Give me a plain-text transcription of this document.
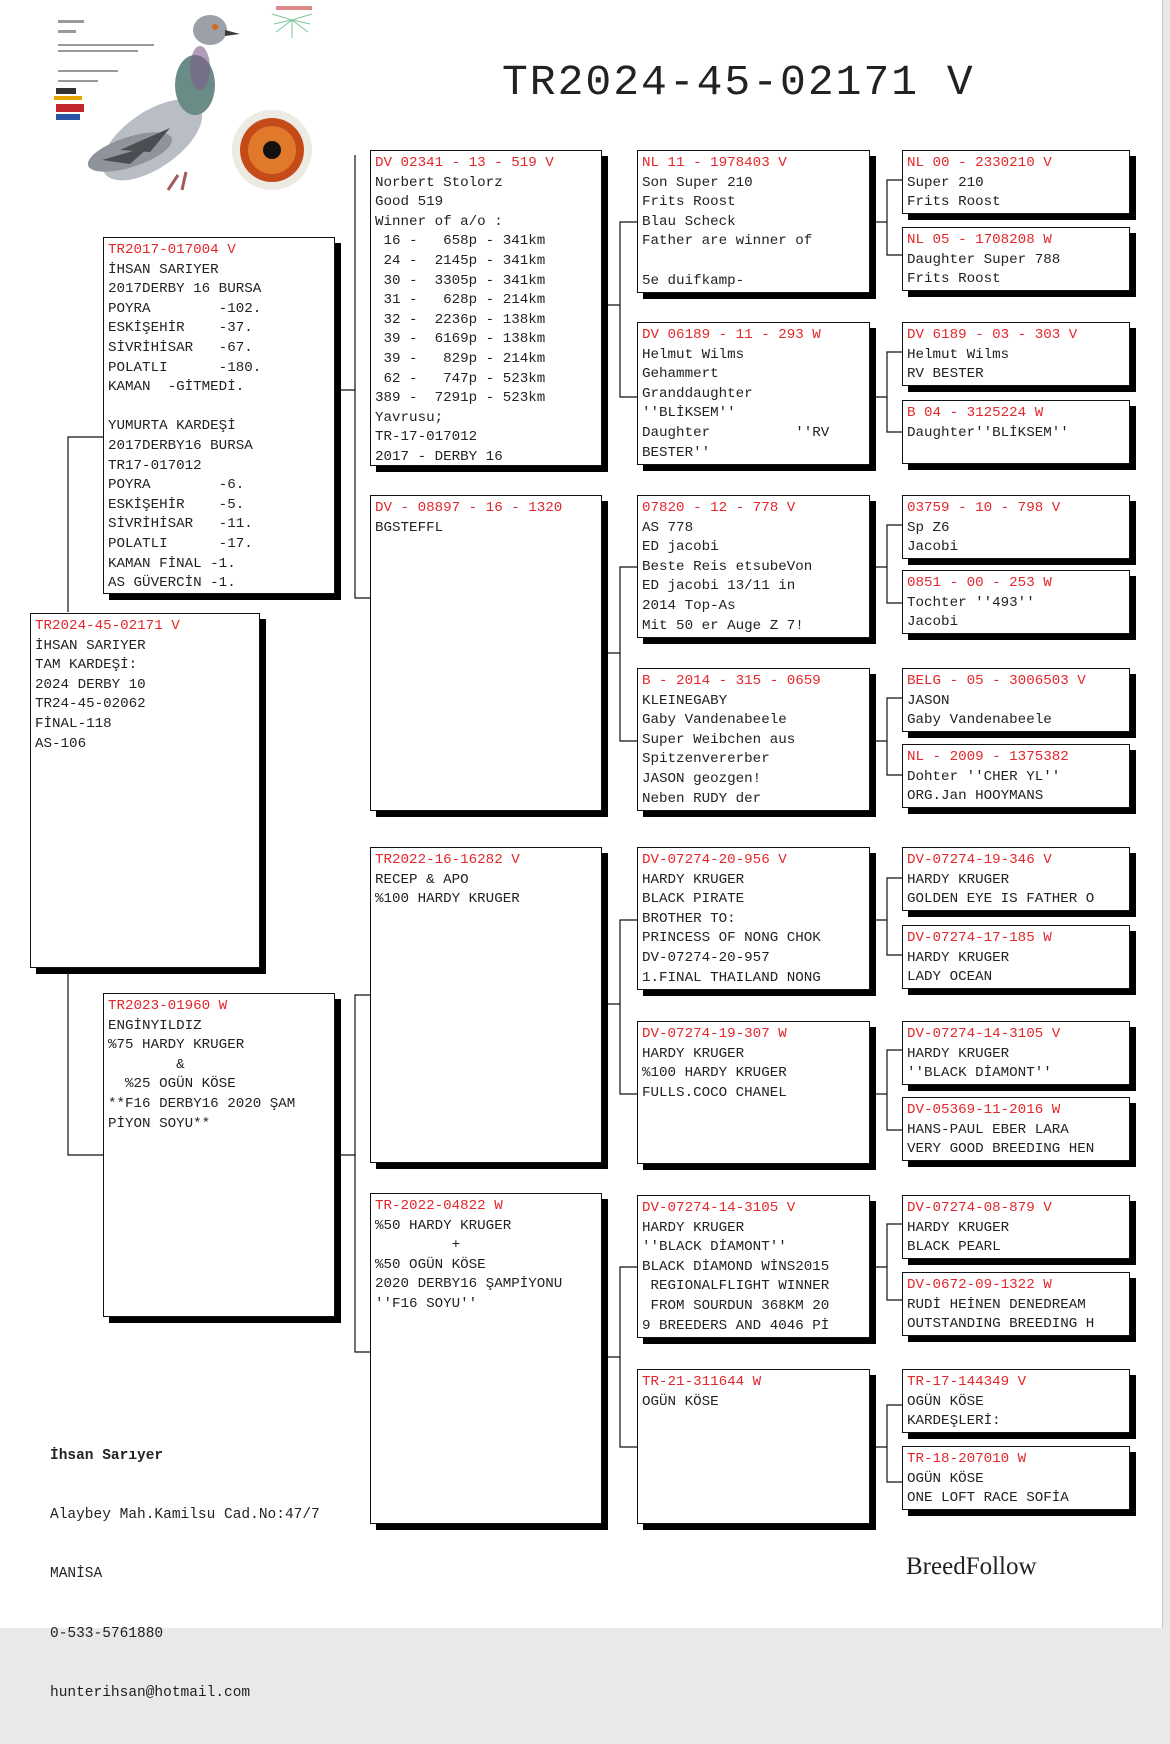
TR2024-45-02171 V
TR2024-45-02171 V
İHSAN SARIYER
TAM KARDEŞİ:
2024 DERBY 10
TR24-45-02062
FİNAL-118
AS-106
TR2017-017004 V
İHSAN SARIYER
2017DERBY 16 BURSA
POYRA        -102.
ESKİŞEHİR    -37.
SİVRİHİSAR   -67.
POLATLI      -180.
KAMAN  -GİTMEDİ.

YUMURTA KARDEŞİ
2017DERBY16 BURSA
TR17-017012
POYRA        -6.
ESKİŞEHİR    -5.
SİVRİHİSAR   -11.
POLATLI      -17.
KAMAN FİNAL -1.
AS GÜVERCİN -1.
TR2023-01960 W
ENGİNYILDIZ
%75 HARDY KRUGER
&
%25 OGÜN KÖSE
**F16 DERBY16 2020 ŞAM
PİYON SOYU**
DV 02341 - 13 - 519 V
Norbert Stolorz
Good 519
Winner of a/o :
16 -   658p - 341km
24 -  2145p - 341km
30 -  3305p - 341km
31 -   628p - 214km
32 -  2236p - 138km
39 -  6169p - 138km
39 -   829p - 214km
62 -   747p - 523km
389 -  7291p - 523km
Yavrusu;
TR-17-017012
2017 - DERBY 16
DV - 08897 - 16 - 1320
BGSTEFFL
TR2022-16-16282 V
RECEP & APO
%100 HARDY KRUGER
TR-2022-04822 W
%50 HARDY KRUGER
+
%50 OGÜN KÖSE
2020 DERBY16 ŞAMPİYONU
''F16 SOYU''
NL 11 - 1978403 V
Son Super 210
Frits Roost
Blau Scheck
Father are winner of

5e duifkamp-
DV 06189 - 11 - 293 W
Helmut Wilms
Gehammert
Granddaughter
''BLİKSEM''
Daughter          ''RV
BESTER''
07820 - 12 - 778 V
AS 778
ED jacobi
Beste Reis etsubeVon
ED jacobi 13/11 in
2014 Top-As
Mit 50 er Auge Z 7!
B - 2014 - 315 - 0659
KLEINEGABY
Gaby Vandenabeele
Super Weibchen aus
Spitzenvererber
JASON geozgen!
Neben RUDY der
DV-07274-20-956 V
HARDY KRUGER
BLACK PIRATE
BROTHER TO:
PRINCESS OF NONG CHOK
DV-07274-20-957
1.FINAL THAILAND NONG
DV-07274-19-307 W
HARDY KRUGER
%100 HARDY KRUGER
FULLS.COCO CHANEL
DV-07274-14-3105 V
HARDY KRUGER
''BLACK DİAMONT''
BLACK DİAMOND WİNS2015
REGIONALFLIGHT WINNER
FROM SOURDUN 368KM 20
9 BREEDERS AND 4046 Pİ
TR-21-311644 W
OGÜN KÖSE
NL 00 - 2330210 V
Super 210
Frits Roost
NL 05 - 1708208 W
Daughter Super 788
Frits Roost
DV 6189 - 03 - 303 V
Helmut Wilms
RV BESTER
B 04 - 3125224 W
Daughter''BLİKSEM''
03759 - 10 - 798 V
Sp Z6
Jacobi
0851 - 00 - 253 W
Tochter ''493''
Jacobi
BELG - 05 - 3006503 V
JASON
Gaby Vandenabeele
NL - 2009 - 1375382
Dohter ''CHER YL''
ORG.Jan HOOYMANS
DV-07274-19-346 V
HARDY KRUGER
GOLDEN EYE IS FATHER O
DV-07274-17-185 W
HARDY KRUGER
LADY OCEAN
DV-07274-14-3105 V
HARDY KRUGER
''BLACK DİAMONT''
DV-05369-11-2016 W
HANS-PAUL EBER LARA
VERY GOOD BREEDING HEN
DV-07274-08-879 V
HARDY KRUGER
BLACK PEARL
DV-0672-09-1322 W
RUDİ HEİNEN DENEDREAM
OUTSTANDING BREEDING H
TR-17-144349 V
OGÜN KÖSE
KARDEŞLERİ:
TR-18-207010 W
OGÜN KÖSE
ONE LOFT RACE SOFİA

İhsan Sarıyer

Alaybey Mah.Kamilsu Cad.No:47/7

MANİSA

0-533-5761880

hunterihsan@hotmail.com

BreedFollow
